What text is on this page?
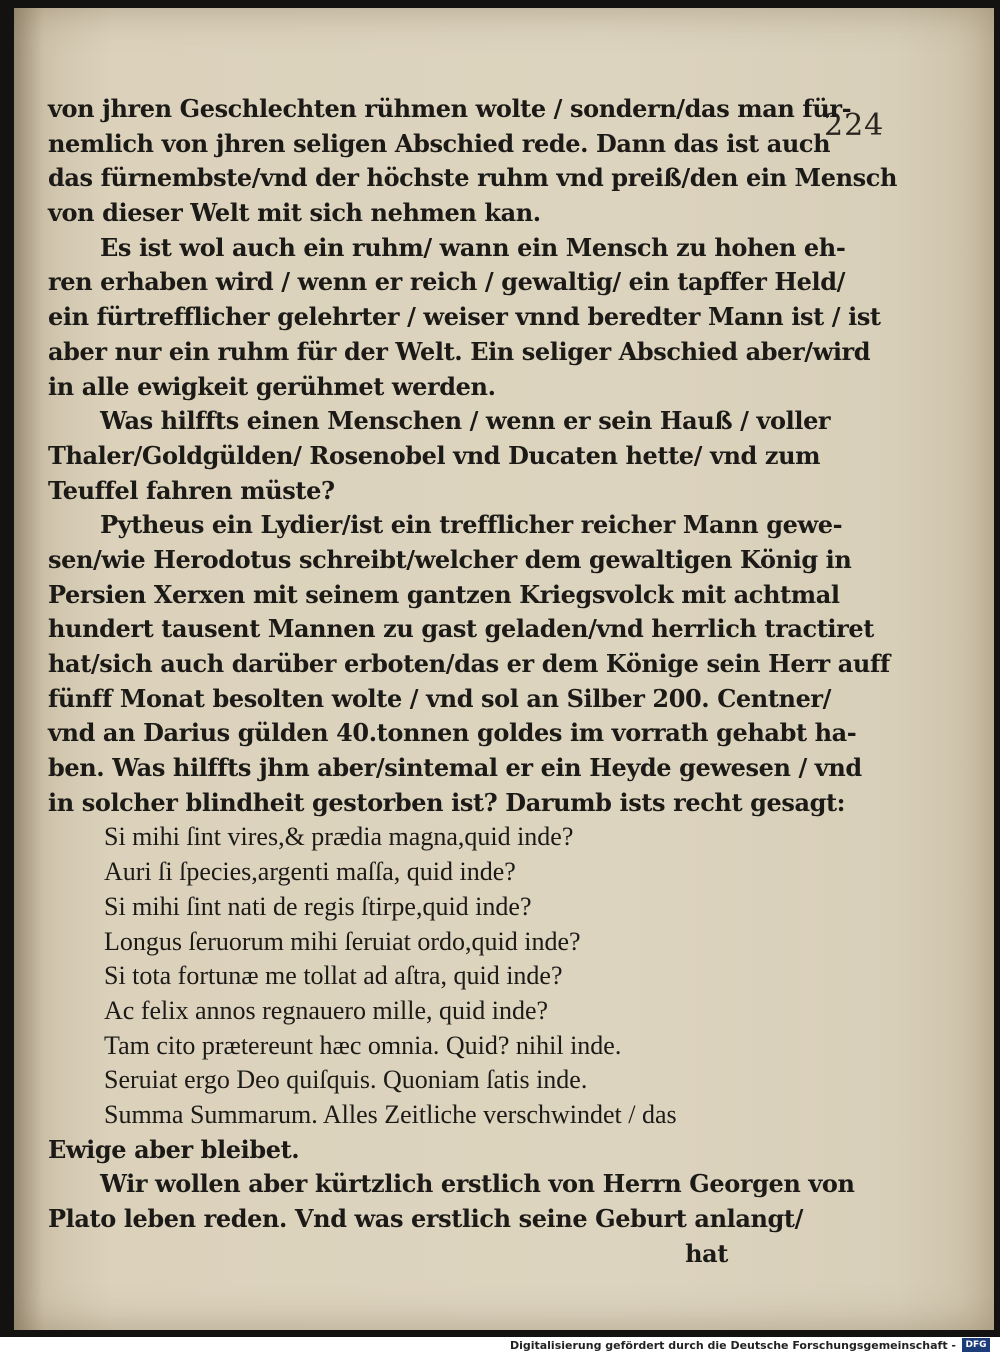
224
von jhren Geschlechten rühmen wolte / sondern/das man für-
nemlich von jhren seligen Abschied rede. Dann das ist auch
das fürnembste/vnd der höchste ruhm vnd preiß/den ein Mensch
von dieser Welt mit sich nehmen kan.
Es ist wol auch ein ruhm/ wann ein Mensch zu hohen eh-
ren erhaben wird / wenn er reich / gewaltig/ ein tapffer Held/
ein fürtrefflicher gelehrter / weiser vnnd beredter Mann ist / ist
aber nur ein ruhm für der Welt. Ein seliger Abschied aber/wird
in alle ewigkeit gerühmet werden.
Was hilffts einen Menschen / wenn er sein Hauß / voller
Thaler/Goldgülden/ Rosenobel vnd Ducaten hette/ vnd zum
Teuffel fahren müste?
Pytheus ein Lydier/ist ein trefflicher reicher Mann gewe-
sen/wie Herodotus schreibt/welcher dem gewaltigen König in
Persien Xerxen mit seinem gantzen Kriegsvolck mit achtmal
hundert tausent Mannen zu gast geladen/vnd herrlich tractiret
hat/sich auch darüber erboten/das er dem Könige sein Herr auff
fünff Monat besolten wolte / vnd sol an Silber 200. Centner/
vnd an Darius gülden 40.tonnen goldes im vorrath gehabt ha-
ben. Was hilffts jhm aber/sintemal er ein Heyde gewesen / vnd
in solcher blindheit gestorben ist? Darumb ists recht gesagt:
Si mihi ſint vires,& prædia magna,quid inde?
Auri ſi ſpecies,argenti maſſa, quid inde?
Si mihi ſint nati de regis ſtirpe,quid inde?
Longus ſeruorum mihi ſeruiat ordo,quid inde?
Si tota fortunæ me tollat ad aſtra, quid inde?
Ac felix annos regnauero mille, quid inde?
Tam cito prætereunt hæc omnia. Quid? nihil inde.
Seruiat ergo Deo quiſquis. Quoniam ſatis inde.
Summa Summarum. Alles Zeitliche verschwindet / das
Ewige aber bleibet.
Wir wollen aber kürtzlich erstlich von Herrn Georgen von
Plato leben reden. Vnd was erstlich seine Geburt anlangt/
hat
Digitalisierung gefördert durch die Deutsche Forschungsgemeinschaft -	DFG
